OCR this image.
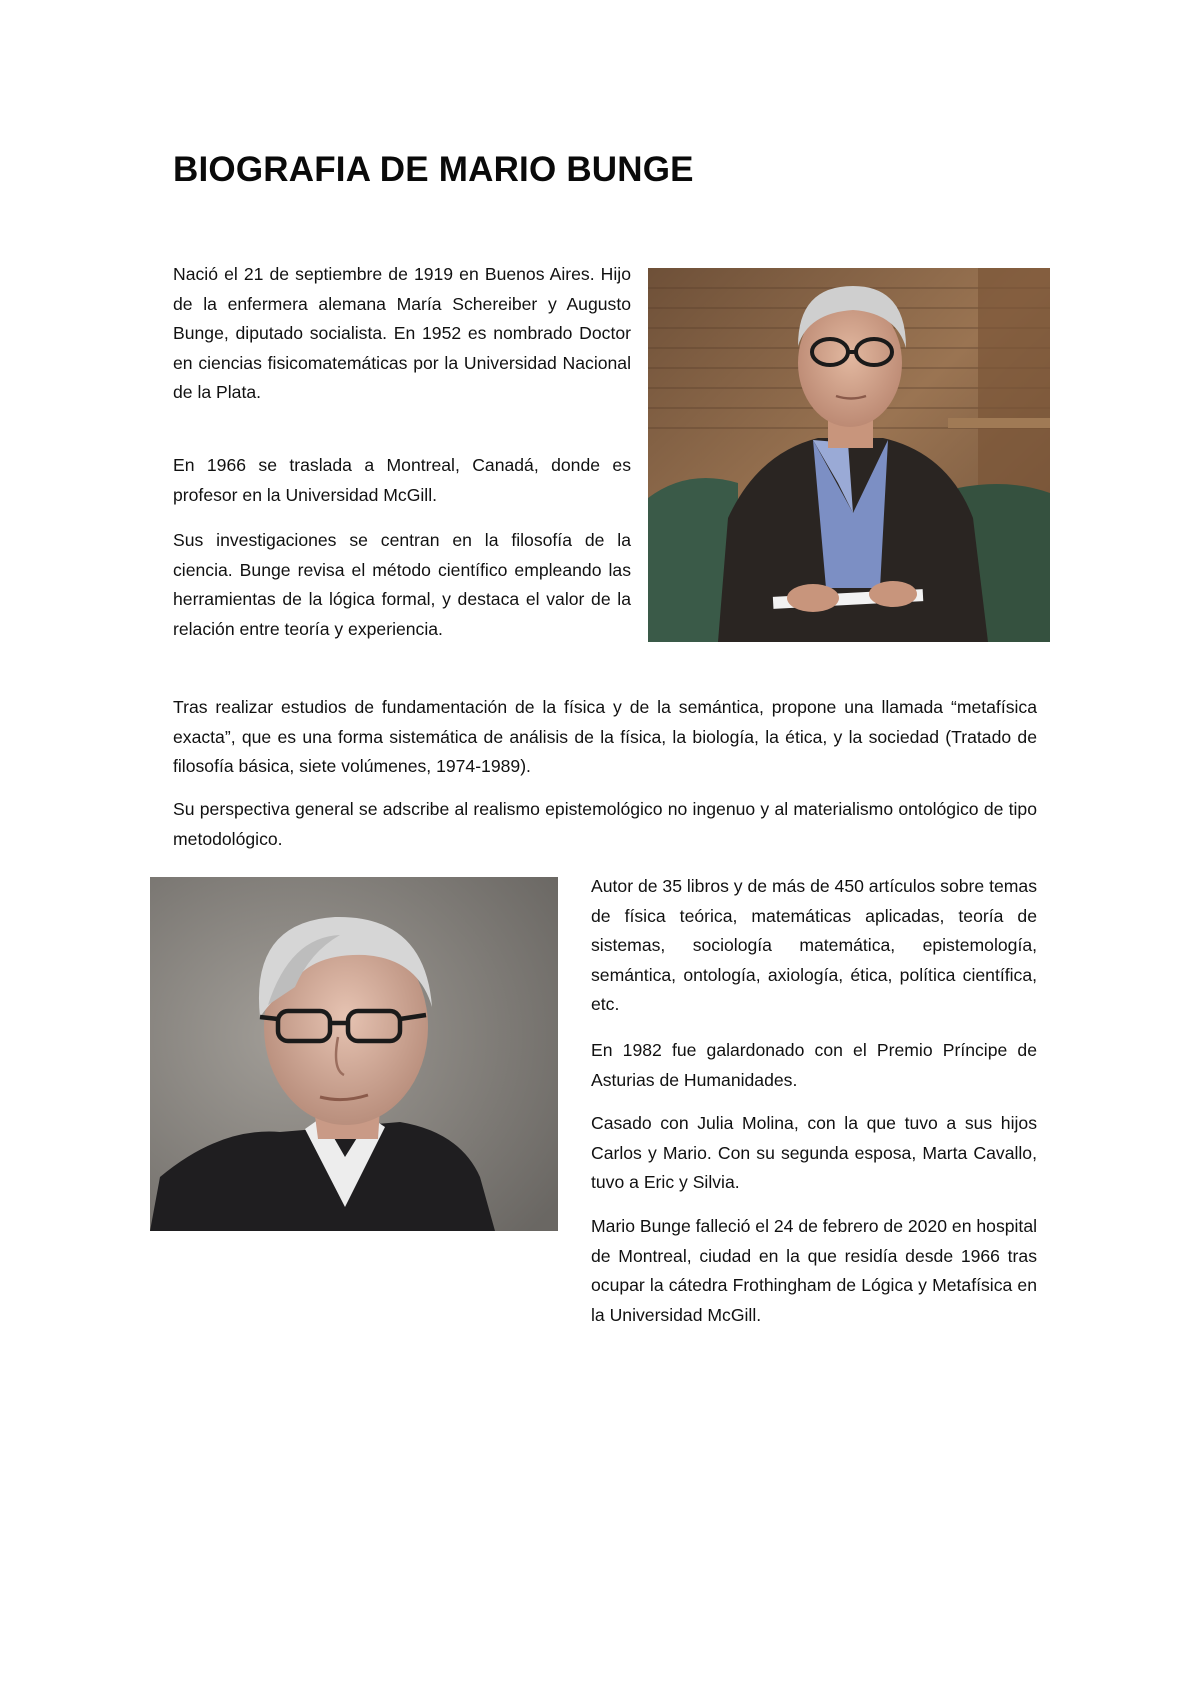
BIOGRAFIA DE MARIO BUNGE

Nació el 21 de septiembre de 1919 en Buenos Aires. Hijo de la enfermera alemana María Schereiber y Augusto Bunge, diputado socialista. En 1952 es nombrado Doctor en ciencias fisicomatemáticas por la Universidad Nacional de la Plata.

En 1966 se traslada a Montreal, Canadá, donde es profesor en la Universidad McGill.

Sus investigaciones se centran en la filosofía de la ciencia. Bunge revisa el método científico empleando las herramientas de la lógica formal, y destaca el valor de la relación entre teoría y experiencia.

Tras realizar estudios de fundamentación de la física y de la semántica, propone una llamada “metafísica exacta”, que es una forma sistemática de análisis de la física, la biología, la ética, y la sociedad (Tratado de filosofía básica, siete volúmenes, 1974-1989).

Su perspectiva general se adscribe al realismo epistemológico no ingenuo y al materialismo ontológico de tipo metodológico.

Autor de 35 libros y de más de 450 artículos sobre temas de física teórica, matemáticas aplicadas, teoría de sistemas, sociología matemática, epistemología, semántica, ontología, axiología, ética, política científica, etc.

En 1982 fue galardonado con el Premio Príncipe de Asturias de Humanidades.

Casado con Julia Molina, con la que tuvo a sus hijos Carlos y Mario. Con su segunda esposa, Marta Cavallo, tuvo a Eric y Silvia.

Mario Bunge falleció el 24 de febrero de 2020 en hospital de Montreal, ciudad en la que residía desde 1966 tras ocupar la cátedra Frothingham de Lógica y Metafísica en la Universidad McGill.
